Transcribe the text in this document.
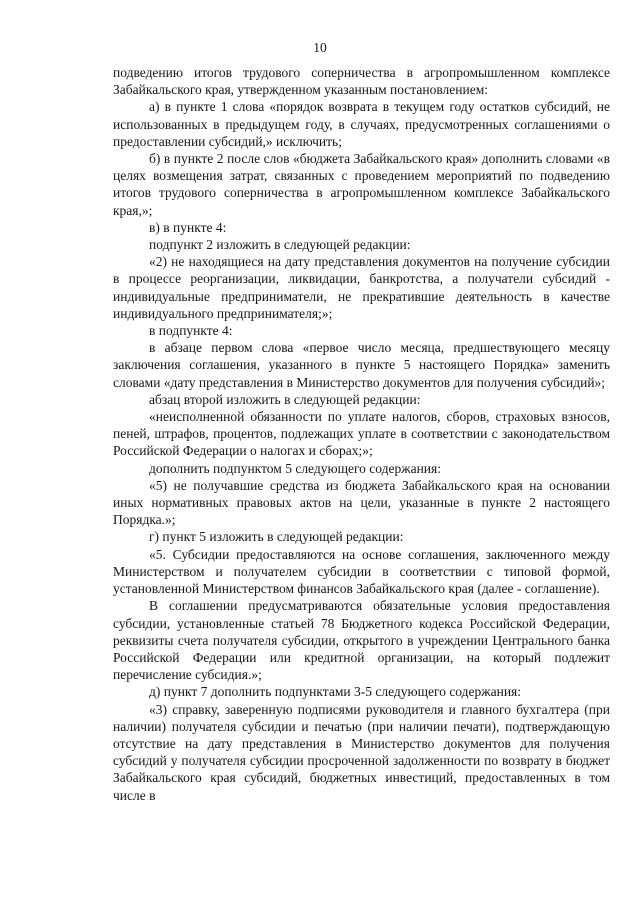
10

подведению итогов трудового соперничества в агропромышленном комплексе Забайкальского края, утвержденном указанным постановлением:

а) в пункте 1 слова «порядок возврата в текущем году остатков субсидий, не использованных в предыдущем году, в случаях, предусмотренных соглашениями о предоставлении субсидий,» исключить;

б) в пункте 2 после слов «бюджета Забайкальского края» дополнить словами «в целях возмещения затрат, связанных с проведением мероприятий по подведению итогов трудового соперничества в агропромышленном комплексе Забайкальского края,»;

в) в пункте 4:

подпункт 2 изложить в следующей редакции:

«2) не находящиеся на дату представления документов на получение субсидии в процессе реорганизации, ликвидации, банкротства, а получатели субсидий - индивидуальные предприниматели, не прекратившие деятельность в качестве индивидуального предпринимателя;»;

в подпункте 4:

в абзаце первом слова «первое число месяца, предшествующего месяцу заключения соглашения, указанного в пункте 5 настоящего Порядка» заменить словами «дату представления в Министерство документов для получения субсидий»;

абзац второй изложить в следующей редакции:

«неисполненной обязанности по уплате налогов, сборов, страховых взносов, пеней, штрафов, процентов, подлежащих уплате в соответствии с законодательством Российской Федерации о налогах и сборах;»;

дополнить подпунктом 5 следующего содержания:

«5) не получавшие средства из бюджета Забайкальского края на основании иных нормативных правовых актов на цели, указанные в пункте 2 настоящего Порядка.»;

г) пункт 5 изложить в следующей редакции:

«5. Субсидии предоставляются на основе соглашения, заключенного между Министерством и получателем субсидии в соответствии с типовой формой, установленной Министерством финансов Забайкальского края (далее - соглашение).

В соглашении предусматриваются обязательные условия предоставления субсидии, установленные статьей 78 Бюджетного кодекса Российской Федерации, реквизиты счета получателя субсидии, открытого в учреждении Центрального банка Российской Федерации или кредитной организации, на который подлежит перечисление субсидия.»;

д) пункт 7 дополнить подпунктами 3-5 следующего содержания:

«3) справку, заверенную подписями руководителя и главного бухгалтера (при наличии) получателя субсидии и печатью (при наличии печати), подтверждающую отсутствие на дату представления в Министерство документов для получения субсидий у получателя субсидии просроченной задолженности по возврату в бюджет Забайкальского края субсидий, бюджетных инвестиций, предоставленных в том числе в
